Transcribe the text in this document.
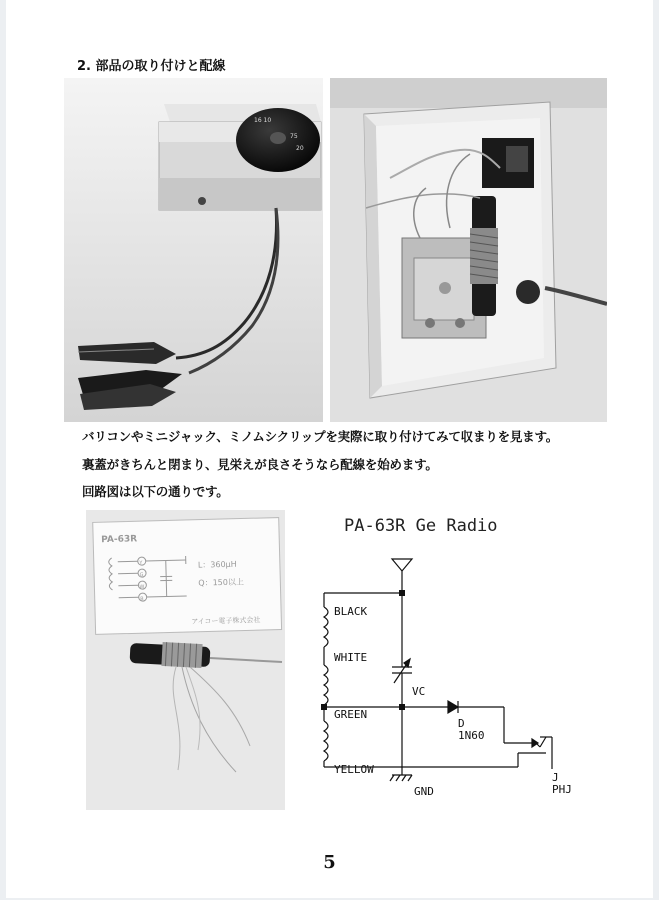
2. 部品の取り付けと配線
16 10
75
20
バリコンやミニジャック、ミノムシクリップを実際に取り付けてみて収まりを見ます。
裏蓋がきちんと閉まり、見栄えが良さそうなら配線を始めます。
回路図は以下の通りです。
PA-63R
Y
G
W
B
L：360μH
Q：150以上
アイコー電子株式会社
PA-63R Ge Radio
BLACK
WHITE
VC
GREEN
D
1N60
YELLOW
GND
J
PHJ
5
